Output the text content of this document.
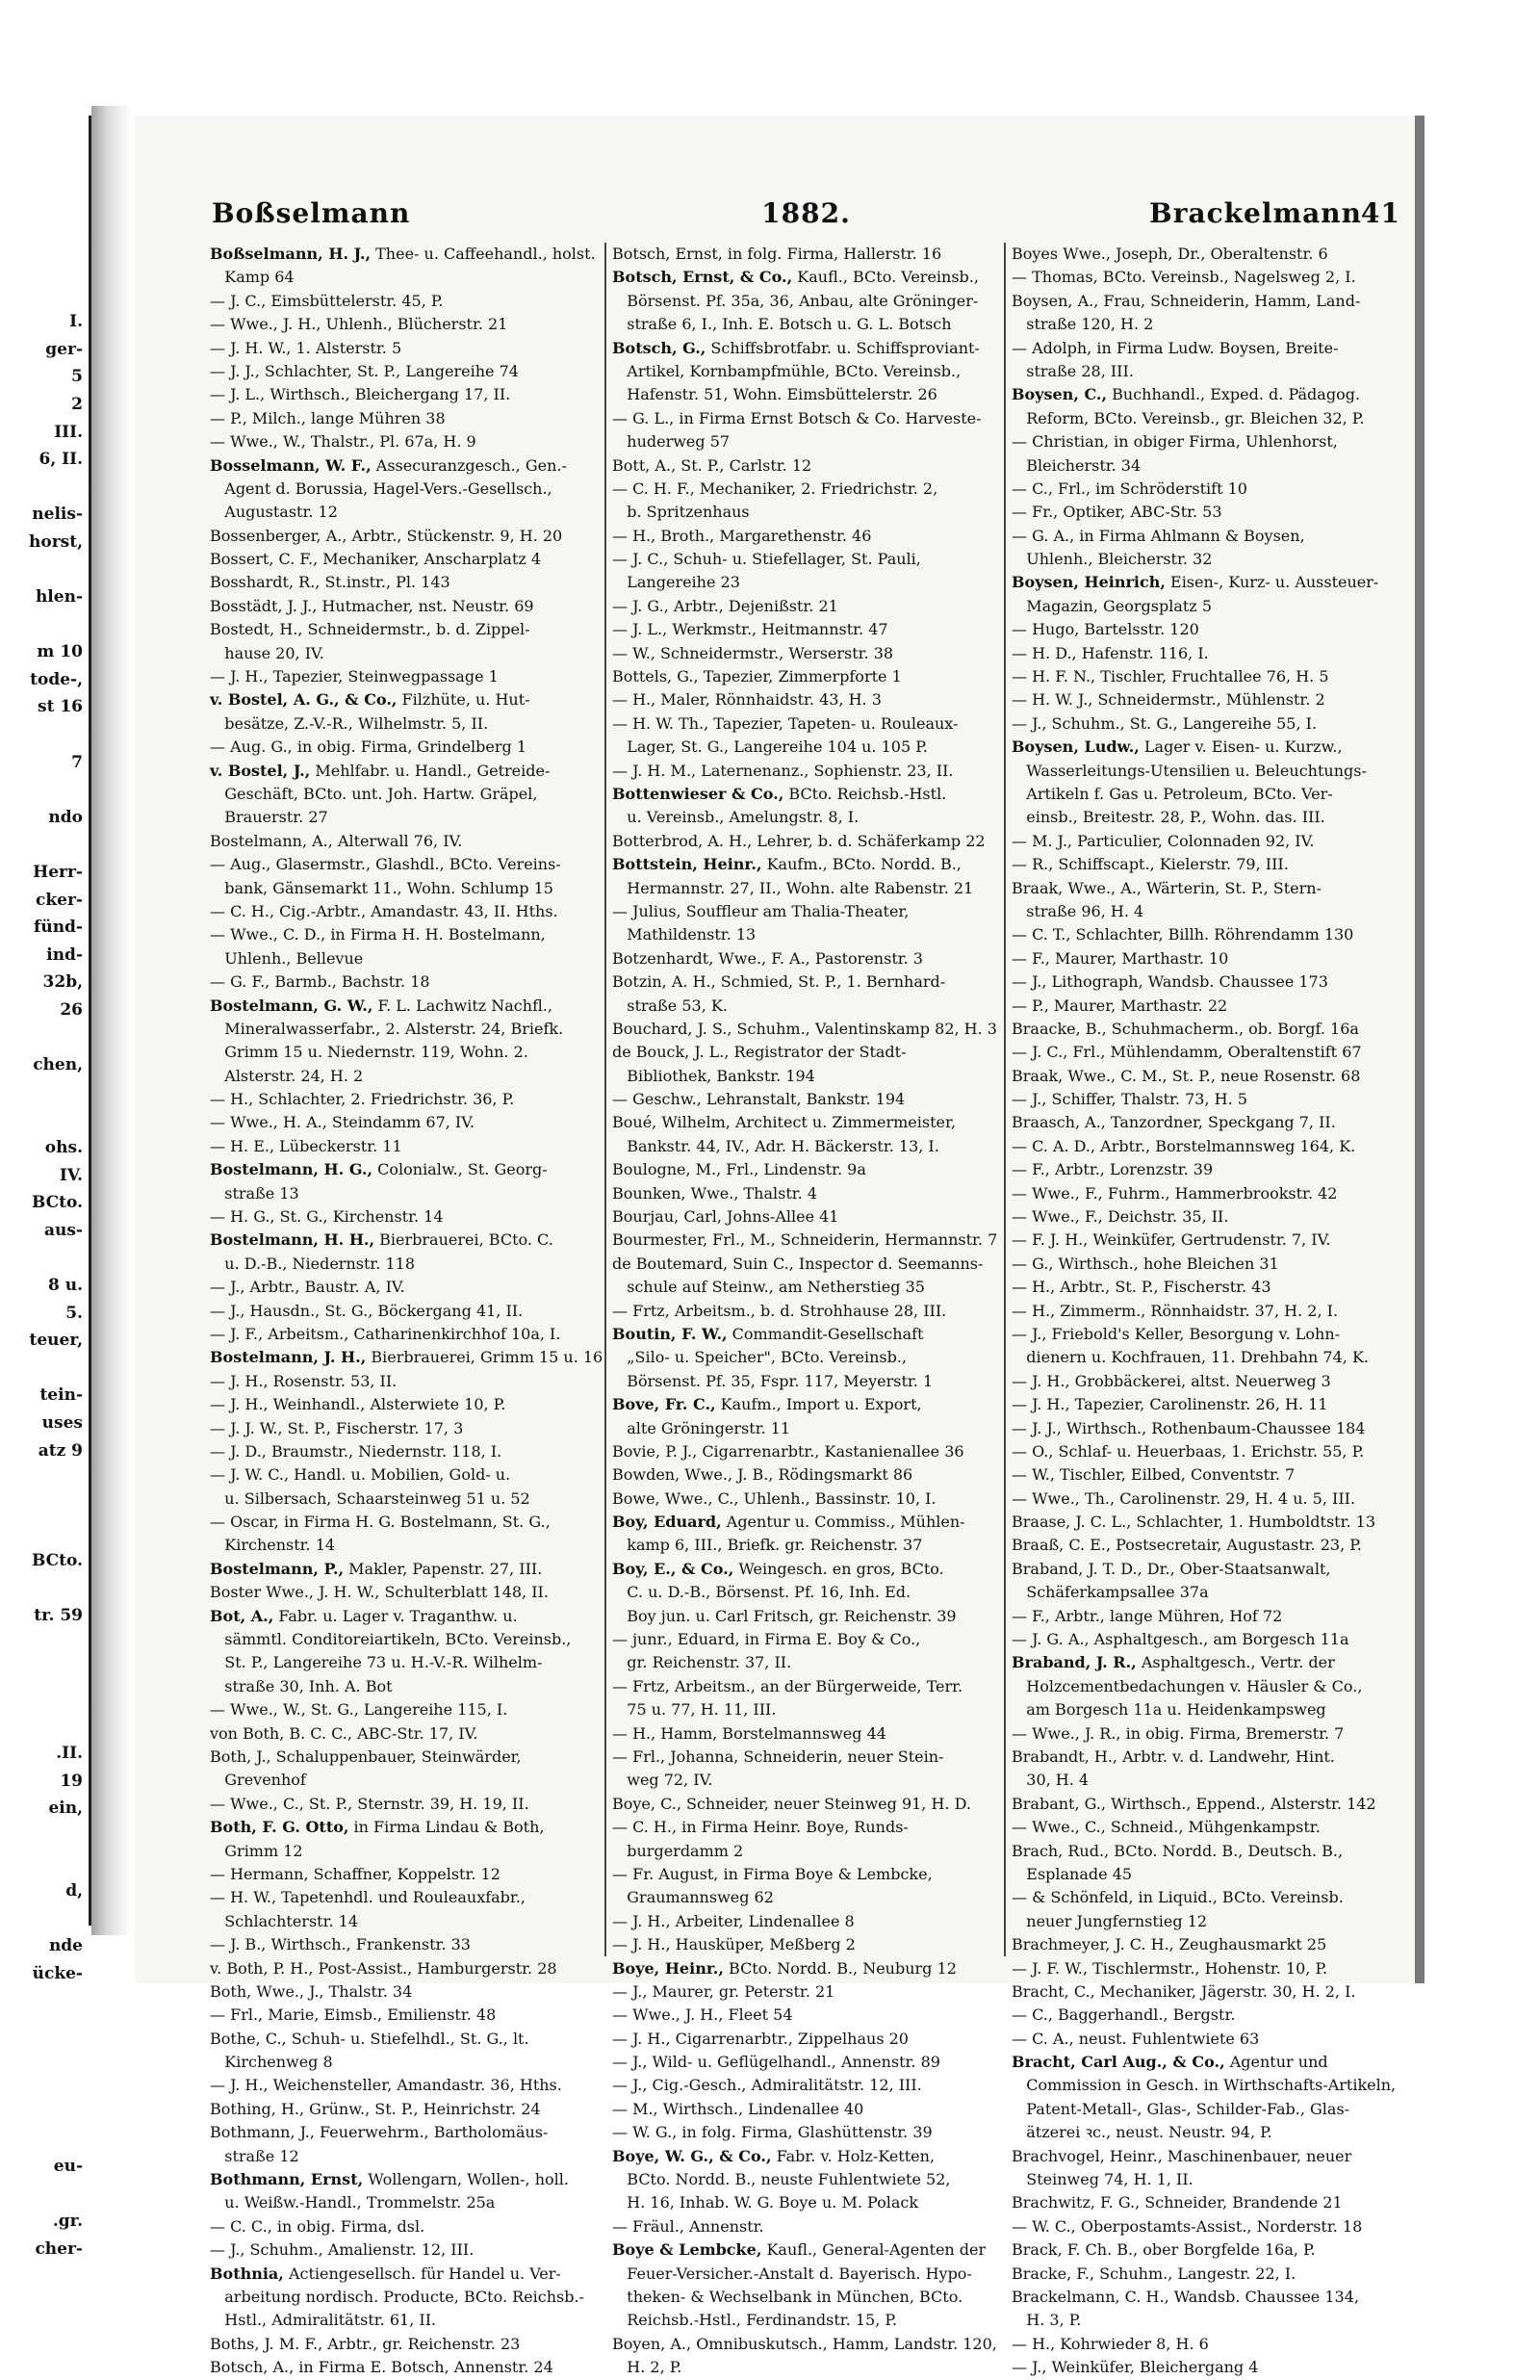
I.
ger-
5
2
III.
6, II.

nelis-
horst,

hlen-

m 10
tode-,
st 16

7

ndo

Herr-
cker-
fünd-
ind-
32b,
26

chen,

ohs.
IV.
BCto.
aus-

8 u.
5.
teuer,

tein-
uses
atz 9

BCto.

tr. 59

.II.
19
ein,

d,

nde
ücke-

eu-

.gr.
cher-

Boßselmann	1882.	Brackelmann 41
Boßselmann, H. J., Thee- u. Caffeehandl., holst.
Kamp 64
— J. C., Eimsbüttelerstr. 45, P.
— Wwe., J. H., Uhlenh., Blücherstr. 21
— J. H. W., 1. Alsterstr. 5
— J. J., Schlachter, St. P., Langereihe 74
— J. L., Wirthsch., Bleichergang 17, II.
— P., Milch., lange Mühren 38
— Wwe., W., Thalstr., Pl. 67a, H. 9
Bosselmann, W. F., Assecuranzgesch., Gen.-
Agent d. Borussia, Hagel-Vers.-Gesellsch.,
Augustastr. 12
Bossenberger, A., Arbtr., Stückenstr. 9, H. 20
Bossert, C. F., Mechaniker, Anscharplatz 4
Bosshardt, R., St.instr., Pl. 143
Bosstädt, J. J., Hutmacher, nst. Neustr. 69
Bostedt, H., Schneidermstr., b. d. Zippel-
hause 20, IV.
— J. H., Tapezier, Steinwegpassage 1
v. Bostel, A. G., & Co., Filzhüte, u. Hut-
besätze, Z.-V.-R., Wilhelmstr. 5, II.
— Aug. G., in obig. Firma, Grindelberg 1
v. Bostel, J., Mehlfabr. u. Handl., Getreide-
Geschäft, BCto. unt. Joh. Hartw. Gräpel,
Brauerstr. 27
Bostelmann, A., Alterwall 76, IV.
— Aug., Glasermstr., Glashdl., BCto. Vereins-
bank, Gänsemarkt 11., Wohn. Schlump 15
— C. H., Cig.-Arbtr., Amandastr. 43, II. Hths.
— Wwe., C. D., in Firma H. H. Bostelmann,
Uhlenh., Bellevue
— G. F., Barmb., Bachstr. 18
Bostelmann, G. W., F. L. Lachwitz Nachfl.,
Mineralwasserfabr., 2. Alsterstr. 24, Briefk.
Grimm 15 u. Niedernstr. 119, Wohn. 2.
Alsterstr. 24, H. 2
— H., Schlachter, 2. Friedrichstr. 36, P.
— Wwe., H. A., Steindamm 67, IV.
— H. E., Lübeckerstr. 11
Bostelmann, H. G., Colonialw., St. Georg-
straße 13
— H. G., St. G., Kirchenstr. 14
Bostelmann, H. H., Bierbrauerei, BCto. C.
u. D.-B., Niedernstr. 118
— J., Arbtr., Baustr. A, IV.
— J., Hausdn., St. G., Böckergang 41, II.
— J. F., Arbeitsm., Catharinenkirchhof 10a, I.
Bostelmann, J. H., Bierbrauerei, Grimm 15 u. 16
— J. H., Rosenstr. 53, II.
— J. H., Weinhandl., Alsterwiete 10, P.
— J. J. W., St. P., Fischerstr. 17, 3
— J. D., Braumstr., Niedernstr. 118, I.
— J. W. C., Handl. u. Mobilien, Gold- u.
u. Silbersach, Schaarsteinweg 51 u. 52
— Oscar, in Firma H. G. Bostelmann, St. G.,
Kirchenstr. 14
Bostelmann, P., Makler, Papenstr. 27, III.
Boster Wwe., J. H. W., Schulterblatt 148, II.
Bot, A., Fabr. u. Lager v. Traganthw. u.
sämmtl. Conditoreiartikeln, BCto. Vereinsb.,
St. P., Langereihe 73 u. H.-V.-R. Wilhelm-
straße 30, Inh. A. Bot
— Wwe., W., St. G., Langereihe 115, I.
von Both, B. C. C., ABC-Str. 17, IV.
Both, J., Schaluppenbauer, Steinwärder,
Grevenhof
— Wwe., C., St. P., Sternstr. 39, H. 19, II.
Both, F. G. Otto, in Firma Lindau & Both,
Grimm 12
— Hermann, Schaffner, Koppelstr. 12
— H. W., Tapetenhdl. und Rouleauxfabr.,
Schlachterstr. 14
— J. B., Wirthsch., Frankenstr. 33
v. Both, P. H., Post-Assist., Hamburgerstr. 28
Both, Wwe., J., Thalstr. 34
— Frl., Marie, Eimsb., Emilienstr. 48
Bothe, C., Schuh- u. Stiefelhdl., St. G., lt.
Kirchenweg 8
— J. H., Weichensteller, Amandastr. 36, Hths.
Bothing, H., Grünw., St. P., Heinrichstr. 24
Bothmann, J., Feuerwehrm., Bartholomäus-
straße 12
Bothmann, Ernst, Wollengarn, Wollen-, holl.
u. Weißw.-Handl., Trommelstr. 25a
— C. C., in obig. Firma, dsl.
— J., Schuhm., Amalienstr. 12, III.
Bothnia, Actiengesellsch. für Handel u. Ver-
arbeitung nordisch. Producte, BCto. Reichsb.-
Hstl., Admiralitätstr. 61, II.
Boths, J. M. F., Arbtr., gr. Reichenstr. 23
Botsch, A., in Firma E. Botsch, Annenstr. 24
Botsch, Ernst, in folg. Firma, Hallerstr. 16
Botsch, Ernst, & Co., Kaufl., BCto. Vereinsb.,
Börsenst. Pf. 35a, 36, Anbau, alte Gröninger-
straße 6, I., Inh. E. Botsch u. G. L. Botsch
Botsch, G., Schiffsbrotfabr. u. Schiffsproviant-
Artikel, Kornbampfmühle, BCto. Vereinsb.,
Hafenstr. 51, Wohn. Eimsbüttelerstr. 26
— G. L., in Firma Ernst Botsch & Co. Harveste-
huderweg 57
Bott, A., St. P., Carlstr. 12
— C. H. F., Mechaniker, 2. Friedrichstr. 2,
b. Spritzenhaus
— H., Broth., Margarethenstr. 46
— J. C., Schuh- u. Stiefellager, St. Pauli,
Langereihe 23
— J. G., Arbtr., Dejenißstr. 21
— J. L., Werkmstr., Heitmannstr. 47
— W., Schneidermstr., Werserstr. 38
Bottels, G., Tapezier, Zimmerpforte 1
— H., Maler, Rönnhaidstr. 43, H. 3
— H. W. Th., Tapezier, Tapeten- u. Rouleaux-
Lager, St. G., Langereihe 104 u. 105 P.
— J. H. M., Laternenanz., Sophienstr. 23, II.
Bottenwieser & Co., BCto. Reichsb.-Hstl.
u. Vereinsb., Amelungstr. 8, I.
Botterbrod, A. H., Lehrer, b. d. Schäferkamp 22
Bottstein, Heinr., Kaufm., BCto. Nordd. B.,
Hermannstr. 27, II., Wohn. alte Rabenstr. 21
— Julius, Souffleur am Thalia-Theater,
Mathildenstr. 13
Botzenhardt, Wwe., F. A., Pastorenstr. 3
Botzin, A. H., Schmied, St. P., 1. Bernhard-
straße 53, K.
Bouchard, J. S., Schuhm., Valentinskamp 82, H. 3
de Bouck, J. L., Registrator der Stadt-
Bibliothek, Bankstr. 194
— Geschw., Lehranstalt, Bankstr. 194
Boué, Wilhelm, Architect u. Zimmermeister,
Bankstr. 44, IV., Adr. H. Bäckerstr. 13, I.
Boulogne, M., Frl., Lindenstr. 9a
Bounken, Wwe., Thalstr. 4
Bourjau, Carl, Johns-Allee 41
Bourmester, Frl., M., Schneiderin, Hermannstr. 7
de Boutemard, Suin C., Inspector d. Seemanns-
schule auf Steinw., am Netherstieg 35
— Frtz, Arbeitsm., b. d. Strohhause 28, III.
Boutin, F. W., Commandit-Gesellschaft
„Silo- u. Speicher", BCto. Vereinsb.,
Börsenst. Pf. 35, Fspr. 117, Meyerstr. 1
Bove, Fr. C., Kaufm., Import u. Export,
alte Gröningerstr. 11
Bovie, P. J., Cigarrenarbtr., Kastanienallee 36
Bowden, Wwe., J. B., Rödingsmarkt 86
Bowe, Wwe., C., Uhlenh., Bassinstr. 10, I.
Boy, Eduard, Agentur u. Commiss., Mühlen-
kamp 6, III., Briefk. gr. Reichenstr. 37
Boy, E., & Co., Weingesch. en gros, BCto.
C. u. D.-B., Börsenst. Pf. 16, Inh. Ed.
Boy jun. u. Carl Fritsch, gr. Reichenstr. 39
— junr., Eduard, in Firma E. Boy & Co.,
gr. Reichenstr. 37, II.
— Frtz, Arbeitsm., an der Bürgerweide, Terr.
75 u. 77, H. 11, III.
— H., Hamm, Borstelmannsweg 44
— Frl., Johanna, Schneiderin, neuer Stein-
weg 72, IV.
Boye, C., Schneider, neuer Steinweg 91, H. D.
— C. H., in Firma Heinr. Boye, Runds-
burgerdamm 2
— Fr. August, in Firma Boye & Lembcke,
Graumannsweg 62
— J. H., Arbeiter, Lindenallee 8
— J. H., Hausküper, Meßberg 2
Boye, Heinr., BCto. Nordd. B., Neuburg 12
— J., Maurer, gr. Peterstr. 21
— Wwe., J. H., Fleet 54
— J. H., Cigarrenarbtr., Zippelhaus 20
— J., Wild- u. Geflügelhandl., Annenstr. 89
— J., Cig.-Gesch., Admiralitätstr. 12, III.
— M., Wirthsch., Lindenallee 40
— W. G., in folg. Firma, Glashüttenstr. 39
Boye, W. G., & Co., Fabr. v. Holz-Ketten,
BCto. Nordd. B., neuste Fuhlentwiete 52,
H. 16, Inhab. W. G. Boye u. M. Polack
— Fräul., Annenstr.
Boye & Lembcke, Kaufl., General-Agenten der
Feuer-Versicher.-Anstalt d. Bayerisch. Hypo-
theken- & Wechselbank in München, BCto.
Reichsb.-Hstl., Ferdinandstr. 15, P.
Boyen, A., Omnibuskutsch., Hamm, Landstr. 120,
H. 2, P.
Boyes Wwe., Joseph, Dr., Oberaltenstr. 6
— Thomas, BCto. Vereinsb., Nagelsweg 2, I.
Boysen, A., Frau, Schneiderin, Hamm, Land-
straße 120, H. 2
— Adolph, in Firma Ludw. Boysen, Breite-
straße 28, III.
Boysen, C., Buchhandl., Exped. d. Pädagog.
Reform, BCto. Vereinsb., gr. Bleichen 32, P.
— Christian, in obiger Firma, Uhlenhorst,
Bleicherstr. 34
— C., Frl., im Schröderstift 10
— Fr., Optiker, ABC-Str. 53
— G. A., in Firma Ahlmann & Boysen,
Uhlenh., Bleicherstr. 32
Boysen, Heinrich, Eisen-, Kurz- u. Aussteuer-
Magazin, Georgsplatz 5
— Hugo, Bartelsstr. 120
— H. D., Hafenstr. 116, I.
— H. F. N., Tischler, Fruchtallee 76, H. 5
— H. W. J., Schneidermstr., Mühlenstr. 2
— J., Schuhm., St. G., Langereihe 55, I.
Boysen, Ludw., Lager v. Eisen- u. Kurzw.,
Wasserleitungs-Utensilien u. Beleuchtungs-
Artikeln f. Gas u. Petroleum, BCto. Ver-
einsb., Breitestr. 28, P., Wohn. das. III.
— M. J., Particulier, Colonnaden 92, IV.
— R., Schiffscapt., Kielerstr. 79, III.
Braak, Wwe., A., Wärterin, St. P., Stern-
straße 96, H. 4
— C. T., Schlachter, Billh. Röhrendamm 130
— F., Maurer, Marthastr. 10
— J., Lithograph, Wandsb. Chaussee 173
— P., Maurer, Marthastr. 22
Braacke, B., Schuhmacherm., ob. Borgf. 16a
— J. C., Frl., Mühlendamm, Oberaltenstift 67
Braak, Wwe., C. M., St. P., neue Rosenstr. 68
— J., Schiffer, Thalstr. 73, H. 5
Braasch, A., Tanzordner, Speckgang 7, II.
— C. A. D., Arbtr., Borstelmannsweg 164, K.
— F., Arbtr., Lorenzstr. 39
— Wwe., F., Fuhrm., Hammerbrookstr. 42
— Wwe., F., Deichstr. 35, II.
— F. J. H., Weinküfer, Gertrudenstr. 7, IV.
— G., Wirthsch., hohe Bleichen 31
— H., Arbtr., St. P., Fischerstr. 43
— H., Zimmerm., Rönnhaidstr. 37, H. 2, I.
— J., Friebold's Keller, Besorgung v. Lohn-
dienern u. Kochfrauen, 11. Drehbahn 74, K.
— J. H., Grobbäckerei, altst. Neuerweg 3
— J. H., Tapezier, Carolinenstr. 26, H. 11
— J. J., Wirthsch., Rothenbaum-Chaussee 184
— O., Schlaf- u. Heuerbaas, 1. Erichstr. 55, P.
— W., Tischler, Eilbed, Conventstr. 7
— Wwe., Th., Carolinenstr. 29, H. 4 u. 5, III.
Braase, J. C. L., Schlachter, 1. Humboldtstr. 13
Braaß, C. E., Postsecretair, Augustastr. 23, P.
Braband, J. T. D., Dr., Ober-Staatsanwalt,
Schäferkampsallee 37a
— F., Arbtr., lange Mühren, Hof 72
— J. G. A., Asphaltgesch., am Borgesch 11a
Braband, J. R., Asphaltgesch., Vertr. der
Holzcementbedachungen v. Häusler & Co.,
am Borgesch 11a u. Heidenkampsweg
— Wwe., J. R., in obig. Firma, Bremerstr. 7
Brabandt, H., Arbtr. v. d. Landwehr, Hint.
30, H. 4
Brabant, G., Wirthsch., Eppend., Alsterstr. 142
— Wwe., C., Schneid., Mühgenkampstr.
Brach, Rud., BCto. Nordd. B., Deutsch. B.,
Esplanade 45
— & Schönfeld, in Liquid., BCto. Vereinsb.
neuer Jungfernstieg 12
Brachmeyer, J. C. H., Zeughausmarkt 25
— J. F. W., Tischlermstr., Hohenstr. 10, P.
Bracht, C., Mechaniker, Jägerstr. 30, H. 2, I.
— C., Baggerhandl., Bergstr.
— C. A., neust. Fuhlentwiete 63
Bracht, Carl Aug., & Co., Agentur und
Commission in Gesch. in Wirthschafts-Artikeln,
Patent-Metall-, Glas-, Schilder-Fab., Glas-
ätzerei ꝛc., neust. Neustr. 94, P.
Brachvogel, Heinr., Maschinenbauer, neuer
Steinweg 74, H. 1, II.
Brachwitz, F. G., Schneider, Brandende 21
— W. C., Oberpostamts-Assist., Norderstr. 18
Brack, F. Ch. B., ober Borgfelde 16a, P.
Bracke, F., Schuhm., Langestr. 22, I.
Brackelmann, C. H., Wandsb. Chaussee 134,
H. 3, P.
— H., Kohrwieder 8, H. 6
— J., Weinküfer, Bleichergang 4
